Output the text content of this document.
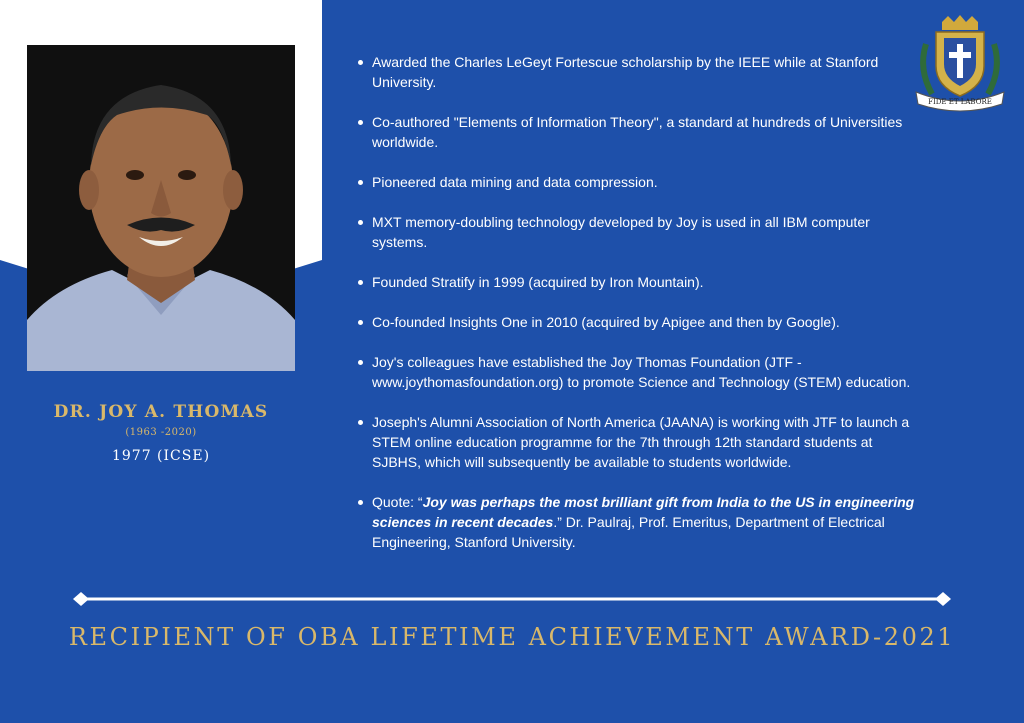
DR. JOY A. THOMAS
(1963 -2020)
1977 (ICSE)
Awarded the Charles LeGeyt Fortescue scholarship by the IEEE while at Stanford University.
Co-authored "Elements of Information Theory", a standard at hundreds of Universities worldwide.
Pioneered data mining and data compression.
MXT memory-doubling technology developed by Joy is used in all IBM computer systems.
Founded Stratify in 1999 (acquired by Iron Mountain).
Co-founded Insights One in 2010 (acquired by Apigee and then by Google).
Joy's colleagues have established the Joy Thomas Foundation (JTF - www.joythomasfoundation.org) to promote Science and Technology (STEM) education.
Joseph's Alumni Association of North America (JAANA) is working with JTF to launch a STEM online education programme for the 7th through 12th standard students at SJBHS, which will subsequently be available to students worldwide.
Quote: “Joy was perhaps the most brilliant gift from India to the US in engineering sciences in recent decades.” Dr. Paulraj, Prof. Emeritus, Department of Electrical Engineering, Stanford University.
FIDE ET LABORE
RECIPIENT OF OBA LIFETIME ACHIEVEMENT AWARD-2021
